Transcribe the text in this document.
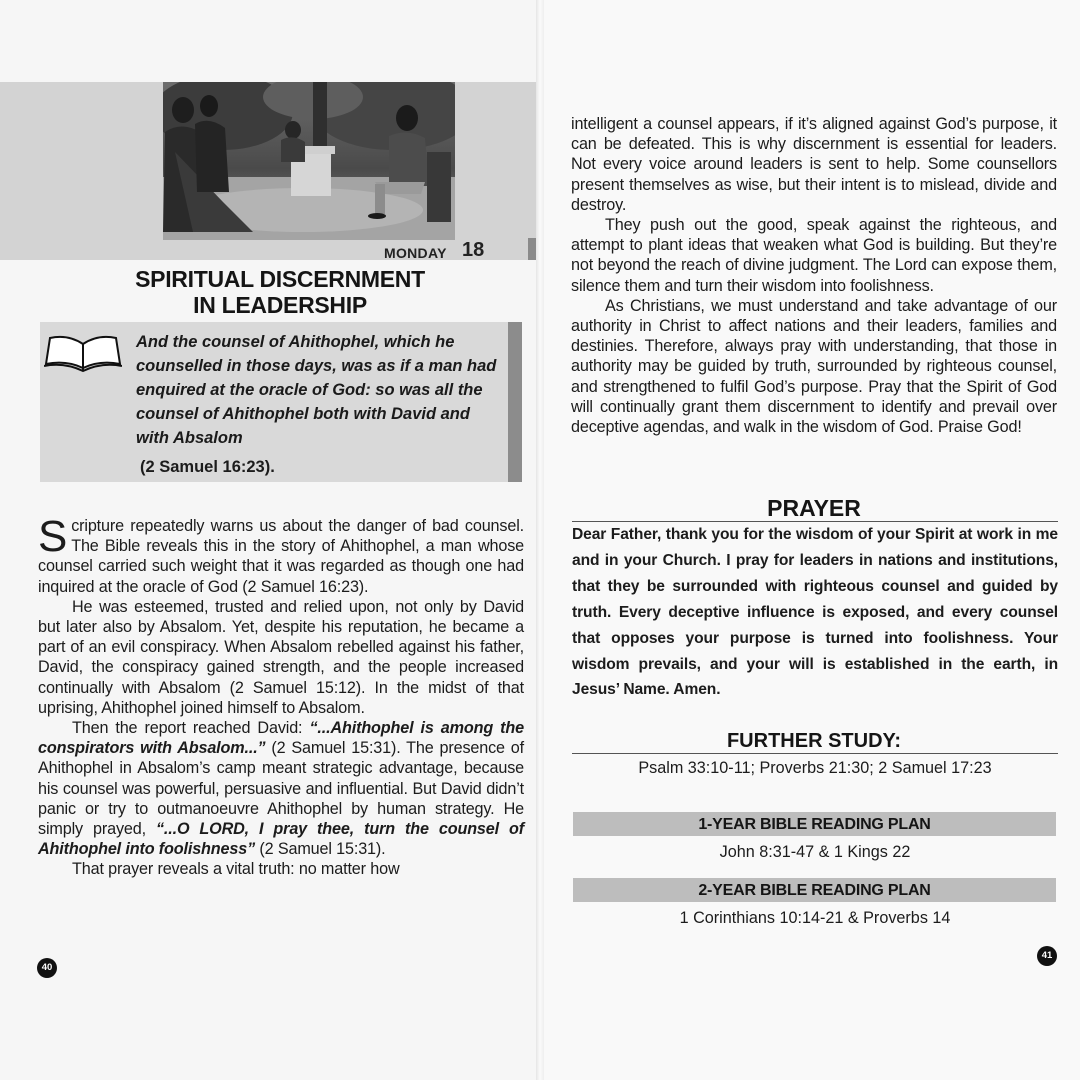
MONDAY 18
SPIRITUAL DISCERNMENT
IN LEADERSHIP
And the counsel of Ahithophel, which he counselled in those days, was as if a man had enquired at the oracle of God: so was all the counsel of Ahithophel both with David and with Absalom
(2 Samuel 16:23).

Scripture repeatedly warns us about the danger of bad counsel. The Bible reveals this in the story of Ahithophel, a man whose counsel carried such weight that it was regarded as though one had inquired at the oracle of God (2 Samuel 16:23).

He was esteemed, trusted and relied upon, not only by David but later also by Absalom. Yet, despite his reputation, he became a part of an evil conspiracy. When Absalom rebelled against his father, David, the conspiracy gained strength, and the people increased continually with Absalom (2 Samuel 15:12). In the midst of that uprising, Ahithophel joined himself to Absalom.

Then the report reached David: “...Ahithophel is among the conspirators with Absalom...” (2 Samuel 15:31). The presence of Ahithophel in Absalom’s camp meant strategic advantage, because his counsel was powerful, persuasive and influential. But David didn’t panic or try to outmanoeuvre Ahithophel by human strategy. He simply prayed, “...O LORD, I pray thee, turn the counsel of Ahithophel into foolishness” (2 Samuel 15:31).

That prayer reveals a vital truth: no matter how

40

intelligent a counsel appears, if it’s aligned against God’s purpose, it can be defeated. This is why discernment is essential for leaders. Not every voice around leaders is sent to help. Some counsellors present themselves as wise, but their intent is to mislead, divide and destroy.

They push out the good, speak against the righteous, and attempt to plant ideas that weaken what God is building. But they’re not beyond the reach of divine judgment. The Lord can expose them, silence them and turn their wisdom into foolishness.

As Christians, we must understand and take advantage of our authority in Christ to affect nations and their leaders, families and destinies. Therefore, always pray with understanding, that those in authority may be guided by truth, surrounded by righteous counsel, and strengthened to fulfil God’s purpose. Pray that the Spirit of God will continually grant them discernment to identify and prevail over deceptive agendas, and walk in the wisdom of God. Praise God!

PRAYER
Dear Father, thank you for the wisdom of your Spirit at work in me and in your Church. I pray for leaders in nations and institutions, that they be surrounded with righteous counsel and guided by truth. Every deceptive influence is exposed, and every counsel that opposes your purpose is turned into foolishness. Your wisdom prevails, and your will is established in the earth, in Jesus’ Name. Amen.
FURTHER STUDY:
Psalm 33:10-11; Proverbs 21:30; 2 Samuel 17:23
1-YEAR BIBLE READING PLAN
John 8:31-47 & 1 Kings 22
2-YEAR BIBLE READING PLAN
1 Corinthians 10:14-21 & Proverbs 14
41
